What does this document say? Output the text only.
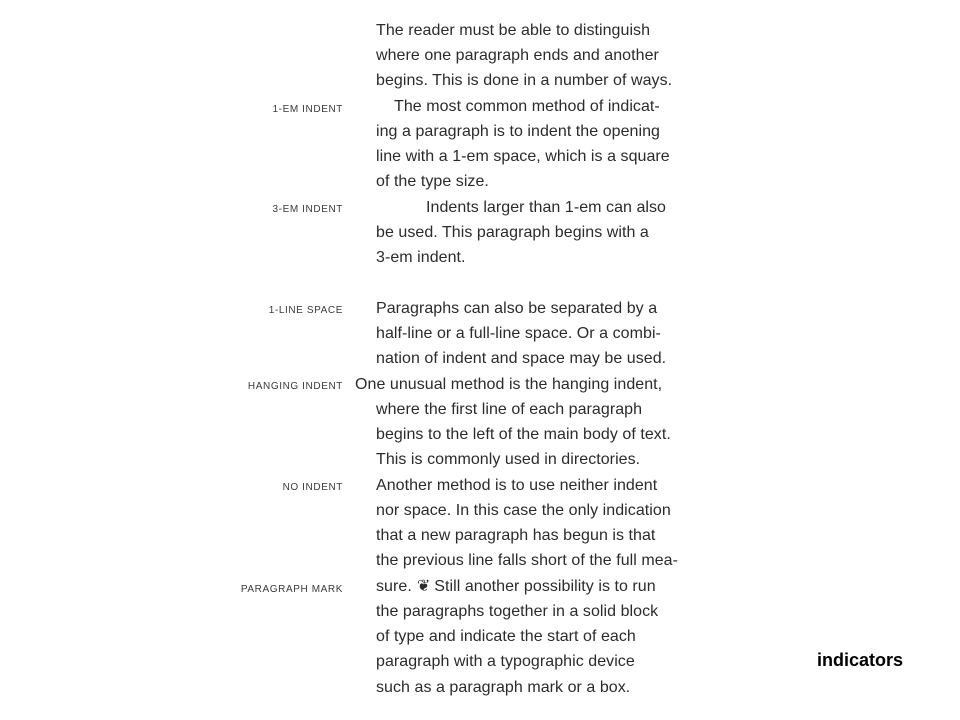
1-EM INDENT
3-EM INDENT
1-LINE SPACE
HANGING INDENT
NO INDENT
PARAGRAPH MARK
The reader must be able to distinguish
where one paragraph ends and another
begins. This is done in a number of ways.
The most common method of indicat-
ing a paragraph is to indent the opening
line with a 1-em space, which is a square
of the type size.
Indents larger than 1-em can also
be used. This paragraph begins with a
3-em indent.
Paragraphs can also be separated by a
half-line or a full-line space. Or a combi-
nation of indent and space may be used.
One unusual method is the hanging indent,
where the first line of each paragraph
begins to the left of the main body of text.
This is commonly used in directories.
Another method is to use neither indent
nor space. In this case the only indication
that a new paragraph has begun is that
the previous line falls short of the full mea-
sure. ❦ Still another possibility is to run
the paragraphs together in a solid block
of type and indicate the start of each
paragraph with a typographic device
such as a paragraph mark or a box.
indicators
